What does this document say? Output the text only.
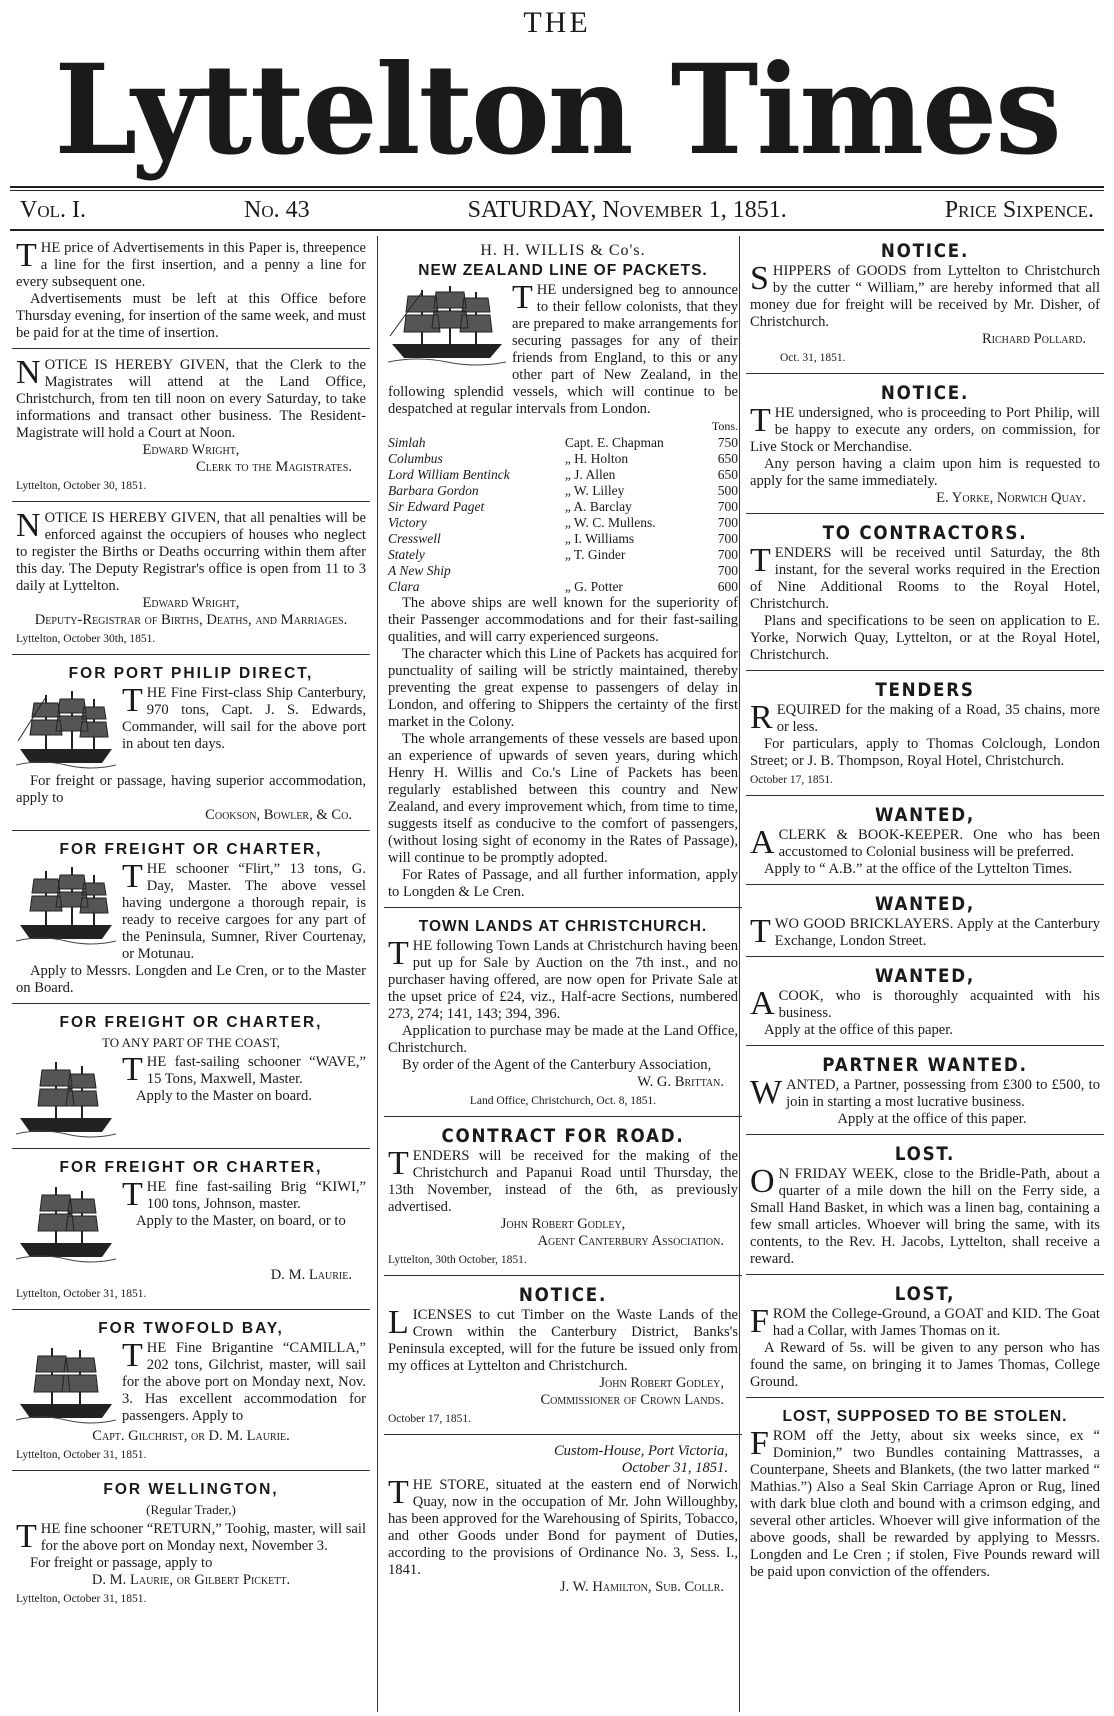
THE
Lyttelton Times
Vol. I.	No. 43	SATURDAY, November 1, 1851.	Price Sixpence.

THE price of Advertisements in this Paper is, threepence a line for the first insertion, and a penny a line for every subsequent one.

Advertisements must be left at this Office before Thursday evening, for insertion of the same week, and must be paid for at the time of insertion.

NOTICE IS HEREBY GIVEN, that the Clerk to the Magistrates will attend at the Land Office, Christchurch, from ten till noon on every Saturday, to take informations and transact other business. The Resident-Magistrate will hold a Court at Noon.

Edward Wright,
Clerk to the Magistrates.
Lyttelton, October 30, 1851.

NOTICE IS HEREBY GIVEN, that all penalties will be enforced against the occupiers of houses who neglect to register the Births or Deaths occurring within them after this day. The Deputy Registrar's office is open from 11 to 3 daily at Lyttelton.

Edward Wright,
Deputy-Registrar of Births, Deaths, and Marriages.
Lyttelton, October 30th, 1851.
FOR PORT PHILIP DIRECT,

THE Fine First-class Ship Canterbury, 970 tons, Capt. J. S. Edwards, Commander, will sail for the above port in about ten days.

For freight or passage, having superior accommodation, apply to

Cookson, Bowler, & Co.
FOR FREIGHT OR CHARTER,

THE schooner “Flirt,” 13 tons, G. Day, Master. The above vessel having undergone a thorough repair, is ready to receive cargoes for any part of the Peninsula, Sumner, River Courtenay, or Motunau.

Apply to Messrs. Longden and Le Cren, or to the Master on Board.

FOR FREIGHT OR CHARTER,
TO ANY PART OF THE COAST,

THE fast-sailing schooner “WAVE,” 15 Tons, Maxwell, Master.

Apply to the Master on board.

FOR FREIGHT OR CHARTER,

THE fine fast-sailing Brig “KIWI,” 100 tons, Johnson, master.

Apply to the Master, on board, or to

D. M. Laurie.
Lyttelton, October 31, 1851.
FOR TWOFOLD BAY,

THE Fine Brigantine “CAMILLA,” 202 tons, Gilchrist, master, will sail for the above port on Monday next, Nov. 3. Has excellent accommodation for passengers. Apply to

Capt. Gilchrist, or D. M. Laurie.
Lyttelton, October 31, 1851.
FOR WELLINGTON,
(Regular Trader,)

THE fine schooner “RETURN,” Toohig, master, will sail for the above port on Monday next, November 3.

For freight or passage, apply to

D. M. Laurie, or Gilbert Pickett.
Lyttelton, October 31, 1851.
H. H. WILLIS & Co's.
NEW ZEALAND LINE OF PACKETS.

THE undersigned beg to announce to their fellow colonists, that they are prepared to make arrangements for securing passages for any of their friends from England, to this or any other part of New Zealand, in the following splendid vessels, which will continue to be despatched at regular intervals from London.

Tons.
Simlah	Capt. E. Chapman	750
Columbus	„ H. Holton	650
Lord William Bentinck	„ J. Allen	650
Barbara Gordon	„ W. Lilley	500
Sir Edward Paget	„ A. Barclay	700
Victory	„ W. C. Mullens.	700
Cresswell	„ I. Williams	700
Stately	„ T. Ginder	700
A New Ship		700
Clara	„ G. Potter	600

The above ships are well known for the superiority of their Passenger accommodations and for their fast-sailing qualities, and will carry experienced surgeons.

The character which this Line of Packets has acquired for punctuality of sailing will be strictly maintained, thereby preventing the great expense to passengers of delay in London, and offering to Shippers the certainty of the first market in the Colony.

The whole arrangements of these vessels are based upon an experience of upwards of seven years, during which Henry H. Willis and Co.'s Line of Packets has been regularly established between this country and New Zealand, and every improvement which, from time to time, suggests itself as conducive to the comfort of passengers, (without losing sight of economy in the Rates of Passage), will continue to be promptly adopted.

For Rates of Passage, and all further information, apply to Longden & Le Cren.

TOWN LANDS AT CHRISTCHURCH.

THE following Town Lands at Christchurch having been put up for Sale by Auction on the 7th inst., and no purchaser having offered, are now open for Private Sale at the upset price of £24, viz., Half-acre Sections, numbered 273, 274; 141, 143; 394, 396.

Application to purchase may be made at the Land Office, Christchurch.

By order of the Agent of the Canterbury Association,

W. G. Brittan.
Land Office, Christchurch, Oct. 8, 1851.
CONTRACT FOR ROAD.

TENDERS will be received for the making of the Christchurch and Papanui Road until Thursday, the 13th November, instead of the 6th, as previously advertised.

John Robert Godley,
Agent Canterbury Association.
Lyttelton, 30th October, 1851.
NOTICE.

LICENSES to cut Timber on the Waste Lands of the Crown within the Canterbury District, Banks's Peninsula excepted, will for the future be issued only from my offices at Lyttelton and Christchurch.

John Robert Godley,
Commissioner of Crown Lands.
October 17, 1851.
Custom-House, Port Victoria,
October 31, 1851.

THE STORE, situated at the eastern end of Norwich Quay, now in the occupation of Mr. John Willoughby, has been approved for the Warehousing of Spirits, Tobacco, and other Goods under Bond for payment of Duties, according to the provisions of Ordinance No. 3, Sess. I., 1841.

J. W. Hamilton, Sub. Collr.
NOTICE.

SHIPPERS of GOODS from Lyttelton to Christchurch by the cutter “ William,” are hereby informed that all money due for freight will be received by Mr. Disher, of Christchurch.

Richard Pollard.
Oct. 31, 1851.
NOTICE.

THE undersigned, who is proceeding to Port Philip, will be happy to execute any orders, on commission, for Live Stock or Merchandise.

Any person having a claim upon him is requested to apply for the same immediately.

E. Yorke, Norwich Quay.
TO CONTRACTORS.

TENDERS will be received until Saturday, the 8th instant, for the several works required in the Erection of Nine Additional Rooms to the Royal Hotel, Christchurch.

Plans and specifications to be seen on application to E. Yorke, Norwich Quay, Lyttelton, or at the Royal Hotel, Christchurch.

TENDERS

REQUIRED for the making of a Road, 35 chains, more or less.

For particulars, apply to Thomas Colclough, London Street; or J. B. Thompson, Royal Hotel, Christchurch.

October 17, 1851.
WANTED,

ACLERK & BOOK-KEEPER. One who has been accustomed to Colonial business will be preferred.

Apply to “ A.B.” at the office of the Lyttelton Times.

WANTED,

TWO GOOD BRICKLAYERS. Apply at the Canterbury Exchange, London Street.

WANTED,

ACOOK, who is thoroughly acquainted with his business.

Apply at the office of this paper.

PARTNER WANTED.

WANTED, a Partner, possessing from £300 to £500, to join in starting a most lucrative business.

Apply at the office of this paper.

LOST.

O N FRIDAY WEEK, close to the Bridle-Path, about a quarter of a mile down the hill on the Ferry side, a Small Hand Basket, in which was a linen bag, containing a few small articles. Whoever will bring the same, with its contents, to the Rev. H. Jacobs, Lyttelton, shall receive a reward.

LOST,

FROM the College-Ground, a GOAT and KID. The Goat had a Collar, with James Thomas on it.

A Reward of 5s. will be given to any person who has found the same, on bringing it to James Thomas, College Ground.

LOST, SUPPOSED TO BE STOLEN.

FROM off the Jetty, about six weeks since, ex “ Dominion,” two Bundles containing Mattrasses, a Counterpane, Sheets and Blankets, (the two latter marked “ Mathias.”) Also a Seal Skin Carriage Apron or Rug, lined with dark blue cloth and bound with a crimson edging, and several other articles. Whoever will give information of the above goods, shall be rewarded by applying to Messrs. Longden and Le Cren ; if stolen, Five Pounds reward will be paid upon conviction of the offenders.
